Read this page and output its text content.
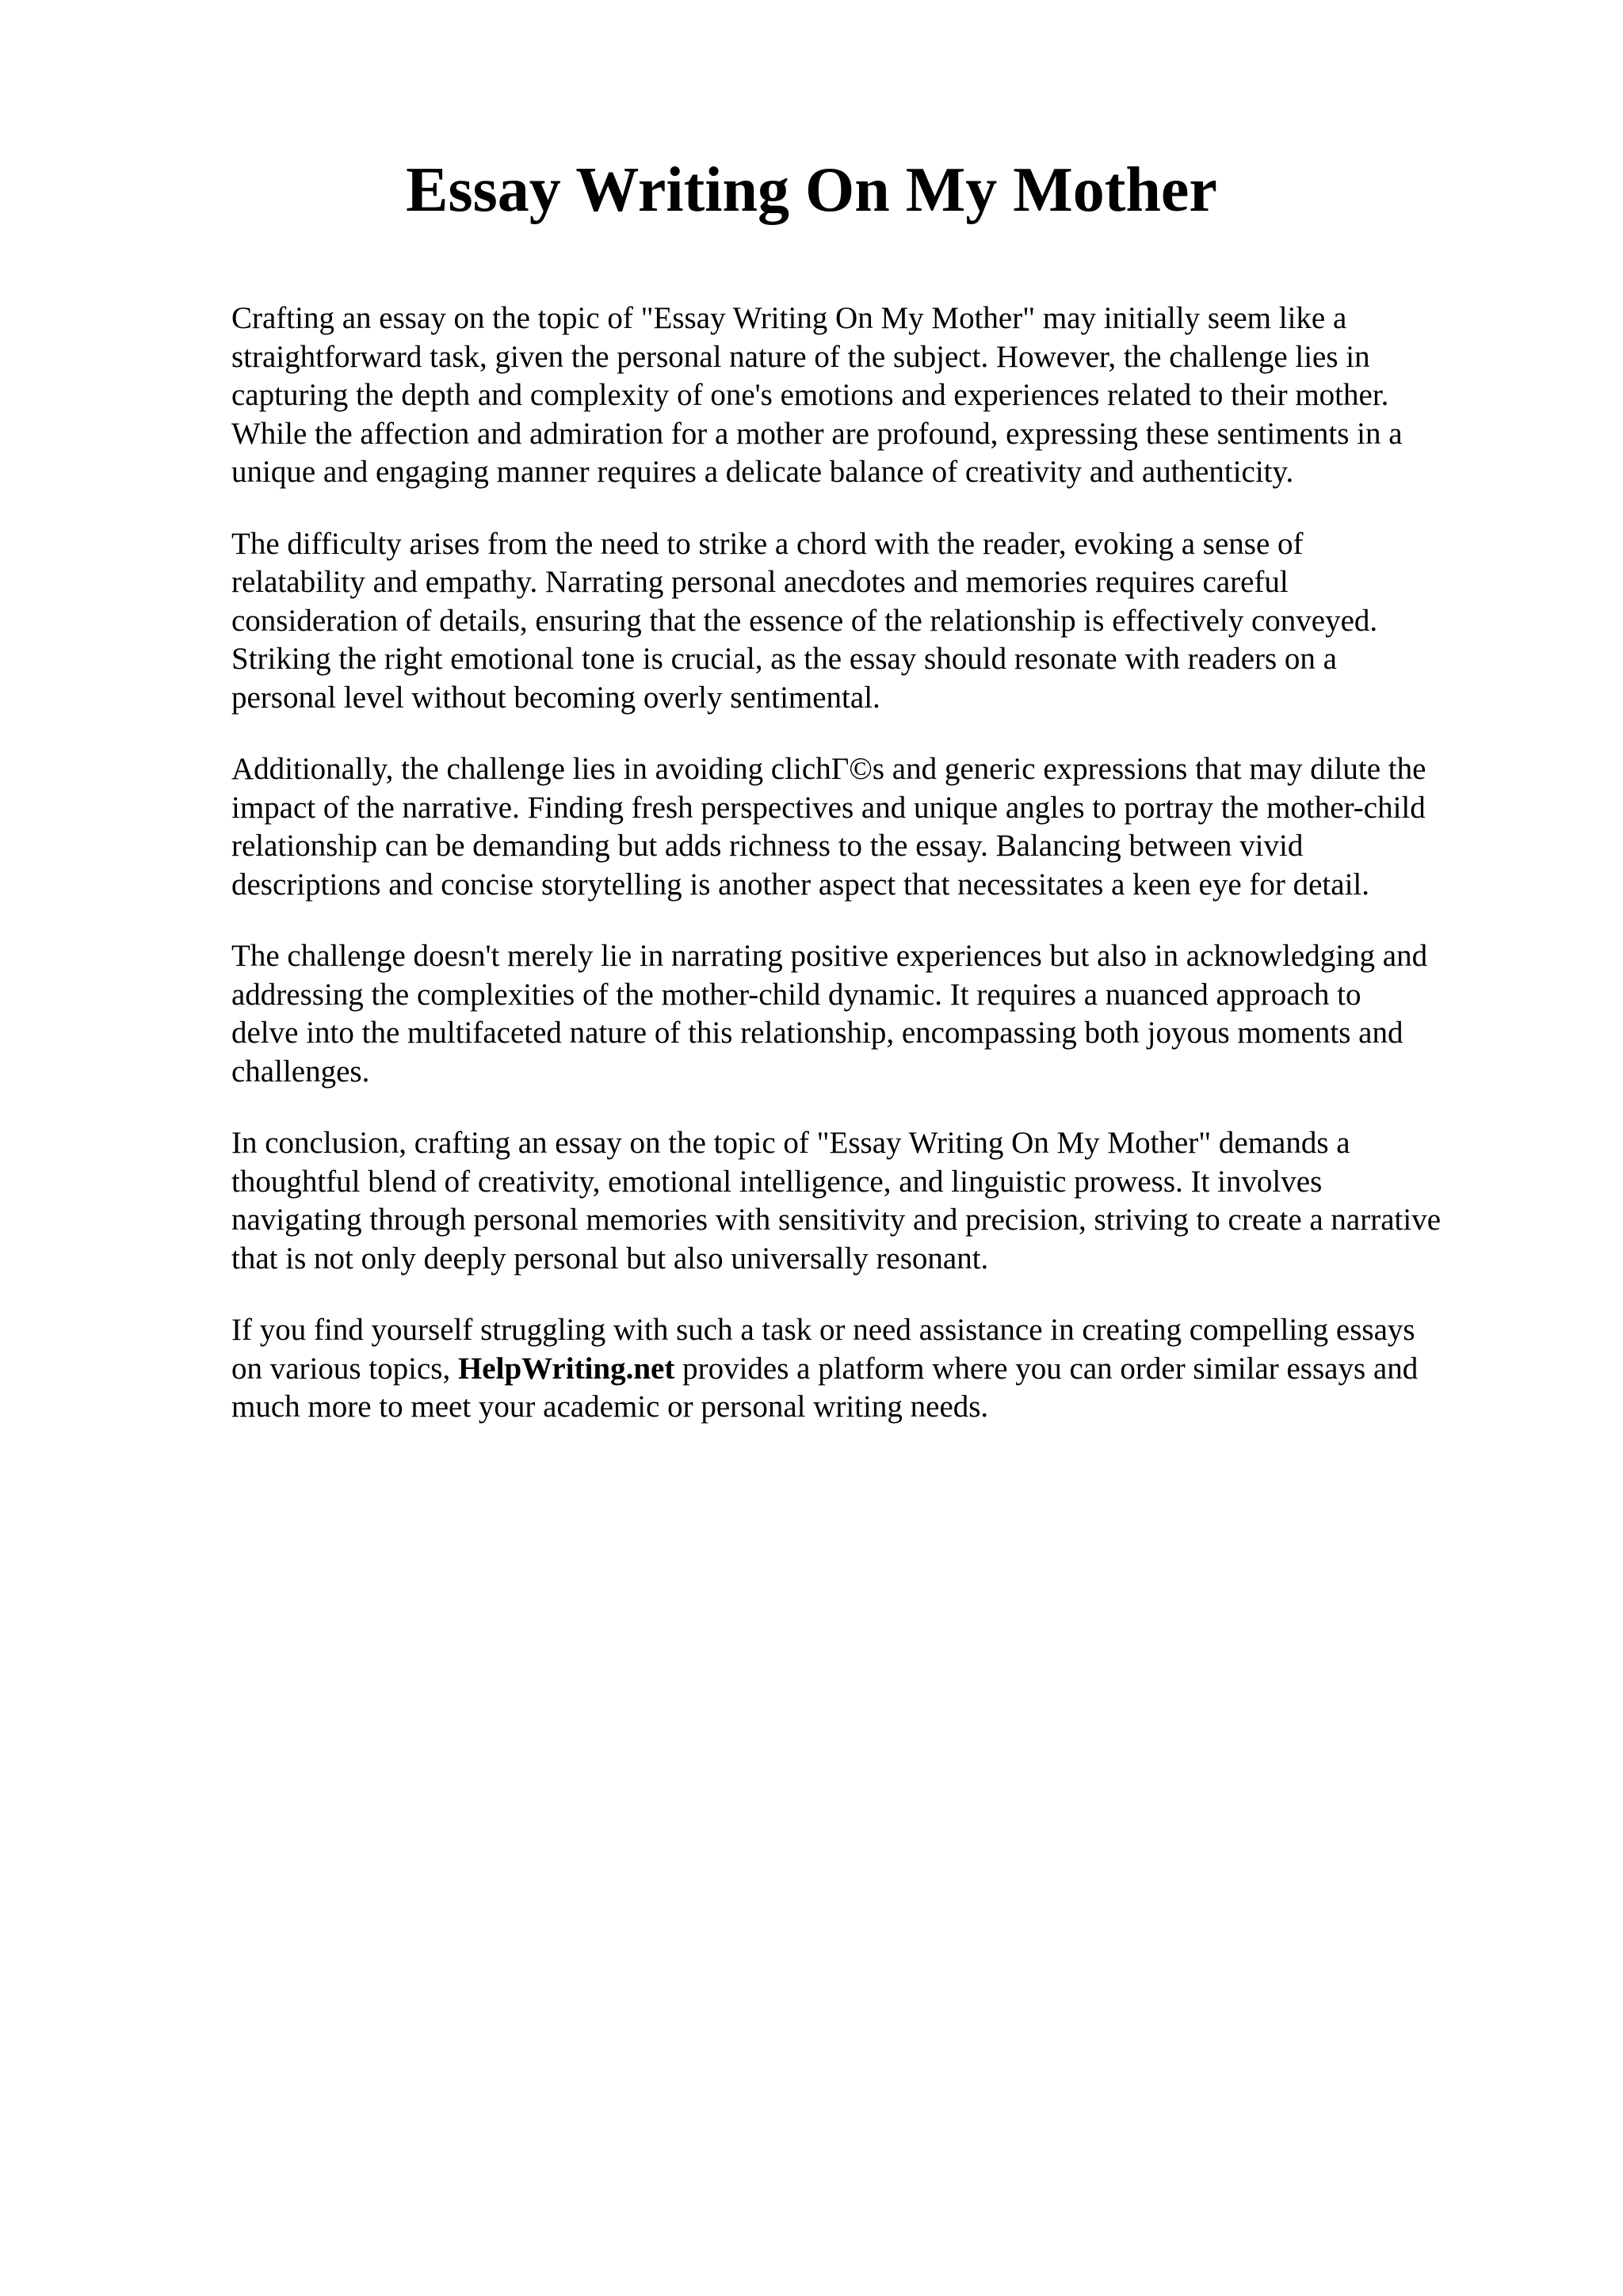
Essay Writing On My Mother

Crafting an essay on the topic of "Essay Writing On My Mother" may initially seem like a
straightforward task, given the personal nature of the subject. However, the challenge lies in
capturing the depth and complexity of one's emotions and experiences related to their mother.
While the affection and admiration for a mother are profound, expressing these sentiments in a
unique and engaging manner requires a delicate balance of creativity and authenticity.

The difficulty arises from the need to strike a chord with the reader, evoking a sense of
relatability and empathy. Narrating personal anecdotes and memories requires careful
consideration of details, ensuring that the essence of the relationship is effectively conveyed.
Striking the right emotional tone is crucial, as the essay should resonate with readers on a
personal level without becoming overly sentimental.

Additionally, the challenge lies in avoiding clichΓ©s and generic expressions that may dilute the
impact of the narrative. Finding fresh perspectives and unique angles to portray the mother-child
relationship can be demanding but adds richness to the essay. Balancing between vivid
descriptions and concise storytelling is another aspect that necessitates a keen eye for detail.

The challenge doesn't merely lie in narrating positive experiences but also in acknowledging and
addressing the complexities of the mother-child dynamic. It requires a nuanced approach to
delve into the multifaceted nature of this relationship, encompassing both joyous moments and
challenges.

In conclusion, crafting an essay on the topic of "Essay Writing On My Mother" demands a
thoughtful blend of creativity, emotional intelligence, and linguistic prowess. It involves
navigating through personal memories with sensitivity and precision, striving to create a narrative
that is not only deeply personal but also universally resonant.

If you find yourself struggling with such a task or need assistance in creating compelling essays
on various topics, HelpWriting.net provides a platform where you can order similar essays and
much more to meet your academic or personal writing needs.
